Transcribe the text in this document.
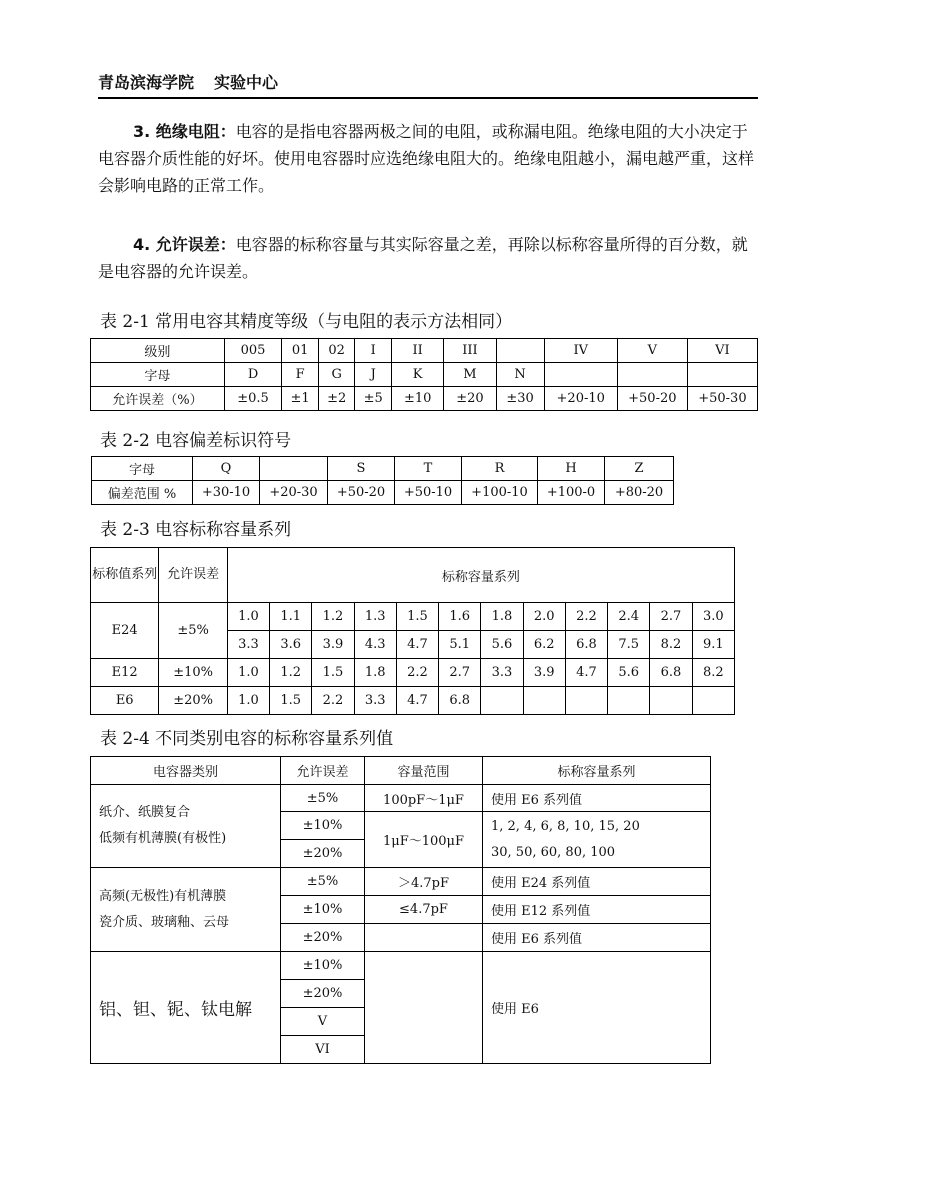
青岛滨海学院 实验中心

3. 绝缘电阻：电容的是指电容器两极之间的电阻，或称漏电阻。绝缘电阻的大小决定于电容器介质性能的好坏。使用电容器时应选绝缘电阻大的。绝缘电阻越小，漏电越严重，这样会影响电路的正常工作。

4. 允许误差：电容器的标称容量与其实际容量之差，再除以标称容量所得的百分数，就是电容器的允许误差。

表 2-1 常用电容其精度等级（与电阻的表示方法相同）

级别	005	01	02	I	II	III		IV	V	VI
字母	D	F	G	J	K	M	N			
允许误差（%）	±0.5	±1	±2	±5	±10	±20	±30	+20-10	+50-20	+50-30

表 2-2 电容偏差标识符号

字母	Q		S	T	R	H	Z
偏差范围 %	+30-10	+20-30	+50-20	+50-10	+100-10	+100-0	+80-20

表 2-3 电容标称容量系列

标称值系列	允许误差	标称容量系列											
E24	±5%	1.0	1.1	1.2	1.3	1.5	1.6	1.8	2.0	2.2	2.4	2.7	3.0
		3.3	3.6	3.9	4.3	4.7	5.1	5.6	6.2	6.8	7.5	8.2	9.1
E12	±10%	1.0	1.2	1.5	1.8	2.2	2.7	3.3	3.9	4.7	5.6	6.8	8.2
E6	±20%	1.0	1.5	2.2	3.3	4.7	6.8						

表 2-4 不同类别电容的标称容量系列值

电容器类别	允许误差	容量范围	标称容量系列

纸介、纸膜复合
低频有机薄膜(有极性)	±5%	100pF～1μF	使用 E6 系列值
	±10%	1μF～100μF	1, 2, 4, 6, 8, 10, 15, 20
30, 50, 60, 80, 100

	±20%		

高频(无极性)有机薄膜
瓷介质、玻璃釉、云母	±5%	＞4.7pF	使用 E24 系列值
	±10%	≤4.7pF	使用 E12 系列值
	±20%		使用 E6 系列值
铝、钽、铌、钛电解	±10%		使用 E6
	±20%		
	V		
	VI		
